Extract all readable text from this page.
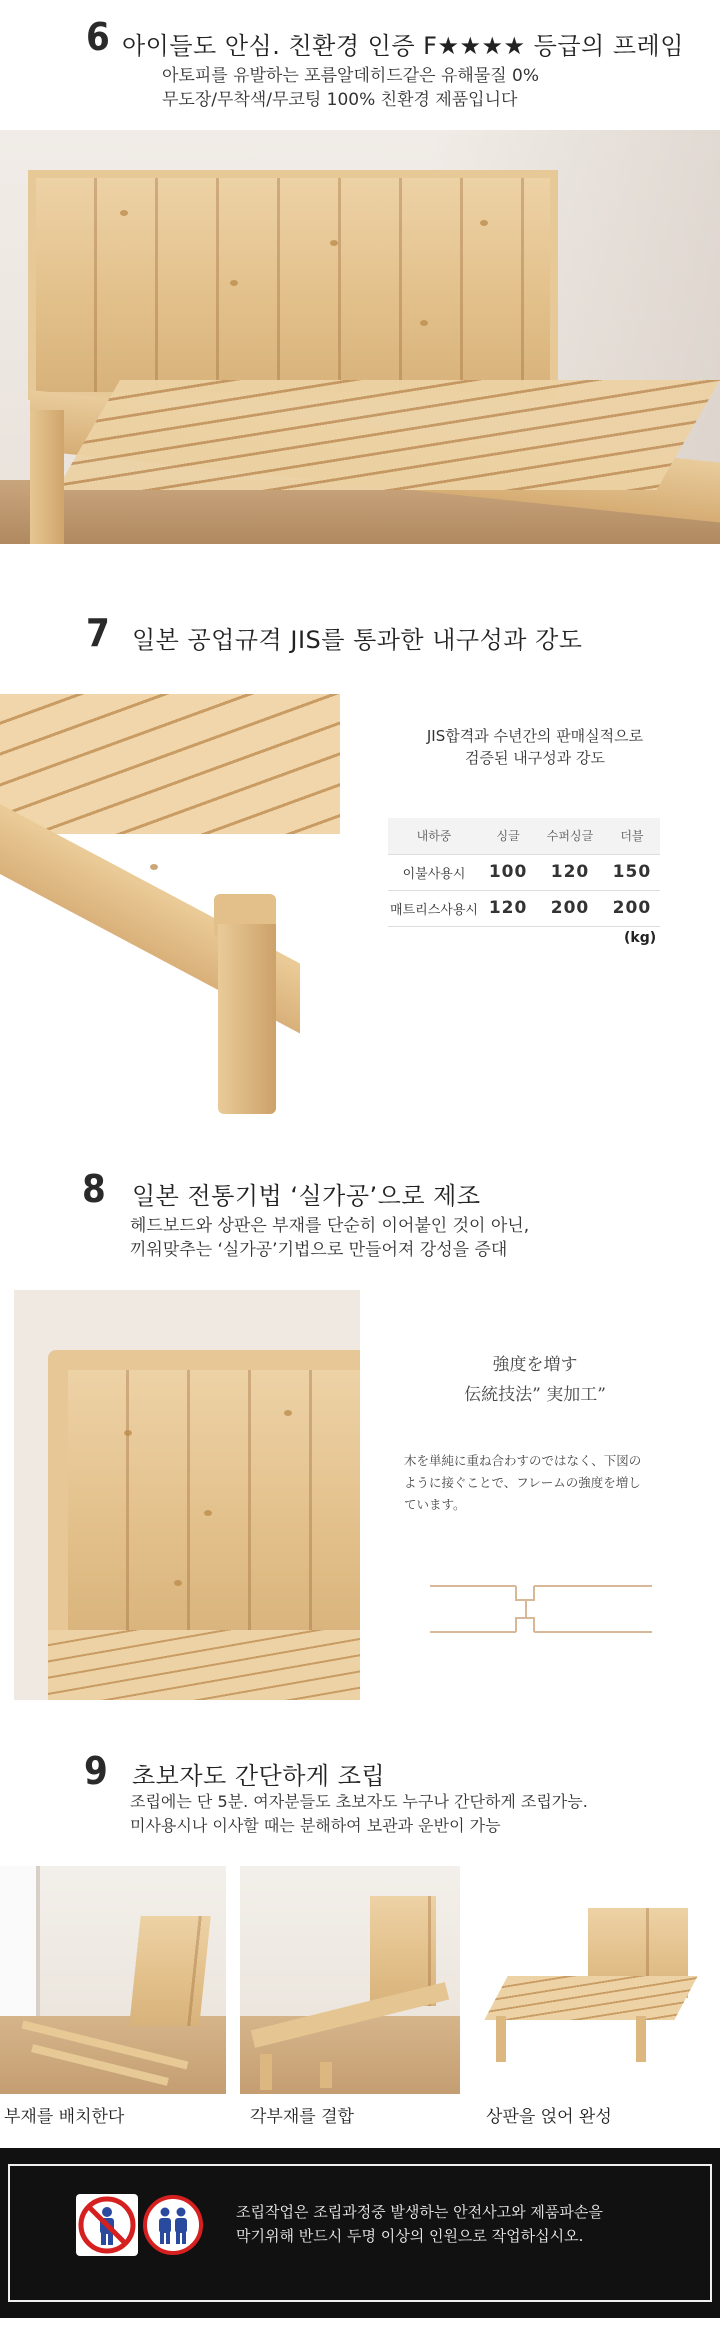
6 아이들도 안심. 친환경 인증 F★★★★ 등급의 프레임
아토피를 유발하는 포름알데히드같은 유해물질 0%
무도장/무착색/무코팅 100% 친환경 제품입니다
7 일본 공업규격 JIS를 통과한 내구성과 강도
JIS합격과 수년간의 판매실적으로
검증된 내구성과 강도
내하중	싱글	수퍼싱글	더블
이불사용시	100	120	150
매트리스사용시	120	200	200
(kg)
8 일본 전통기법 ‘실가공’으로 제조
헤드보드와 상판은 부재를 단순히 이어붙인 것이 아닌,
끼워맞추는 ‘실가공’기법으로 만들어져 강성을 증대
強度を増す
伝統技法” 実加工”
木を単純に重ね合わすのではなく、下図の
ように接ぐことで、フレームの強度を増し
ています。
9 초보자도 간단하게 조립
조립에는 단 5분. 여자분들도 초보자도 누구나 간단하게 조립가능.
미사용시나 이사할 때는 분해하여 보관과 운반이 가능
부재를 배치한다	각부재를 결합	상판을 얹어 완성
조립작업은 조립과정중 발생하는 안전사고와 제품파손을
막기위해 반드시 두명 이상의 인원으로 작업하십시오.
